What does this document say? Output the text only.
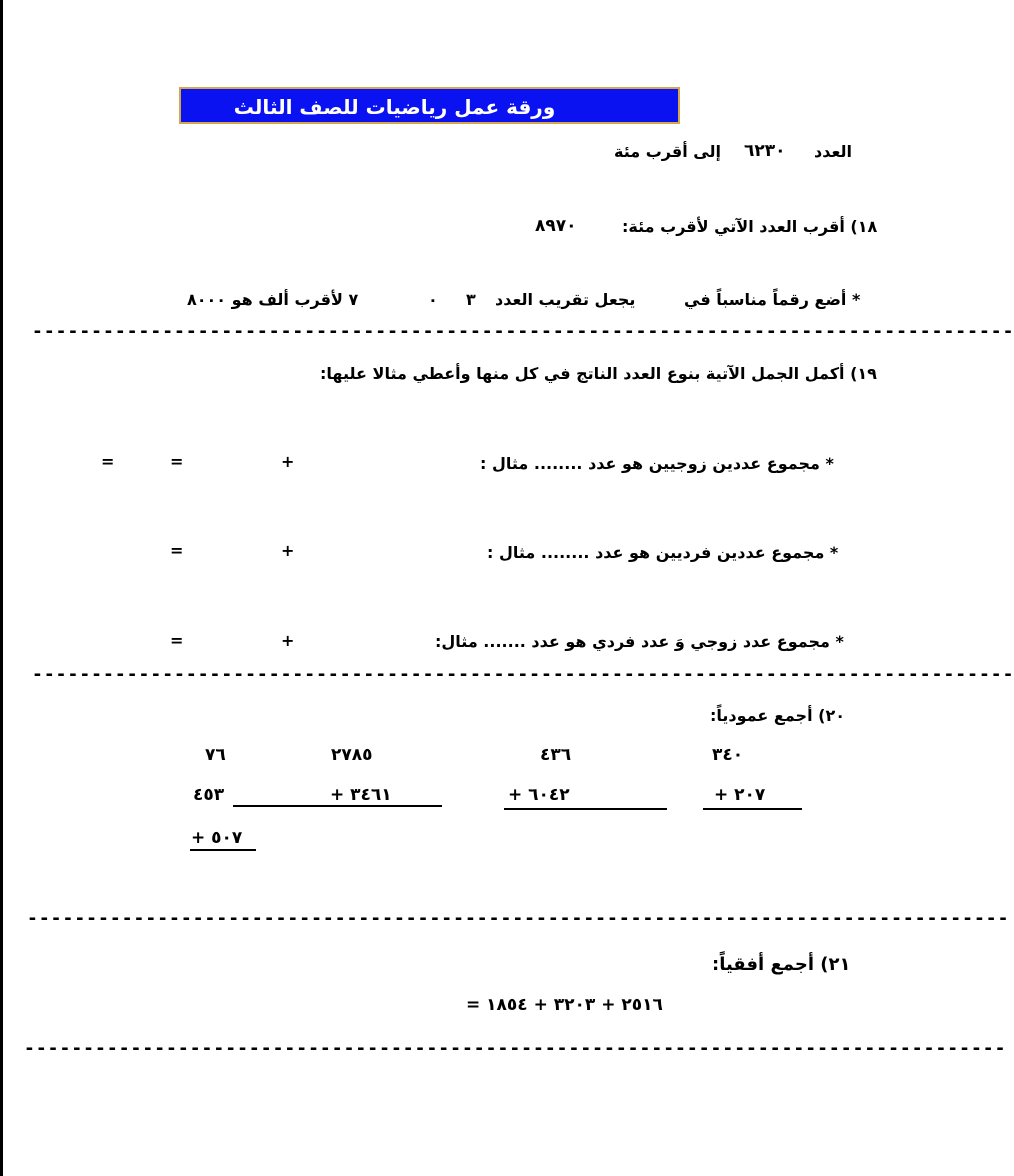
ورقة عمل رياضيات للصف الثالث
العدد
٦٢٣٠
إلى أقرب مئة
١٨) أقرب العدد الآتي لأقرب مئة:
٨٩٧٠
* أضع رقماً مناسباً في
يجعل تقريب العدد
٣
٠
٧ لأقرب ألف هو ٨٠٠٠
-----------------------------------------------------------------------------------
١٩) أكمل الجمل الآتية بنوع العدد الناتج في كل منها وأعطي مثالا عليها:
* مجموع عددين زوجيين هو عدد ........ مثال :
+
=
=
* مجموع عددين فرديين هو عدد ........ مثال :
+
=
* مجموع عدد زوجي وَ عدد فردي هو عدد ....... مثال:
+
=
-----------------------------------------------------------------------------------
٢٠) أجمع عمودياً:
٣٤٠
+ ٢٠٧
٤٣٦
+ ٦٠٤٢
٢٧٨٥
+ ٣٤٦١
٧٦
٤٥٣
+ ٥٠٧
-----------------------------------------------------------------------------------
٢١) أجمع أفقياً:
٢٥١٦ + ٣٢٠٣ + ١٨٥٤ =
-----------------------------------------------------------------------------------
